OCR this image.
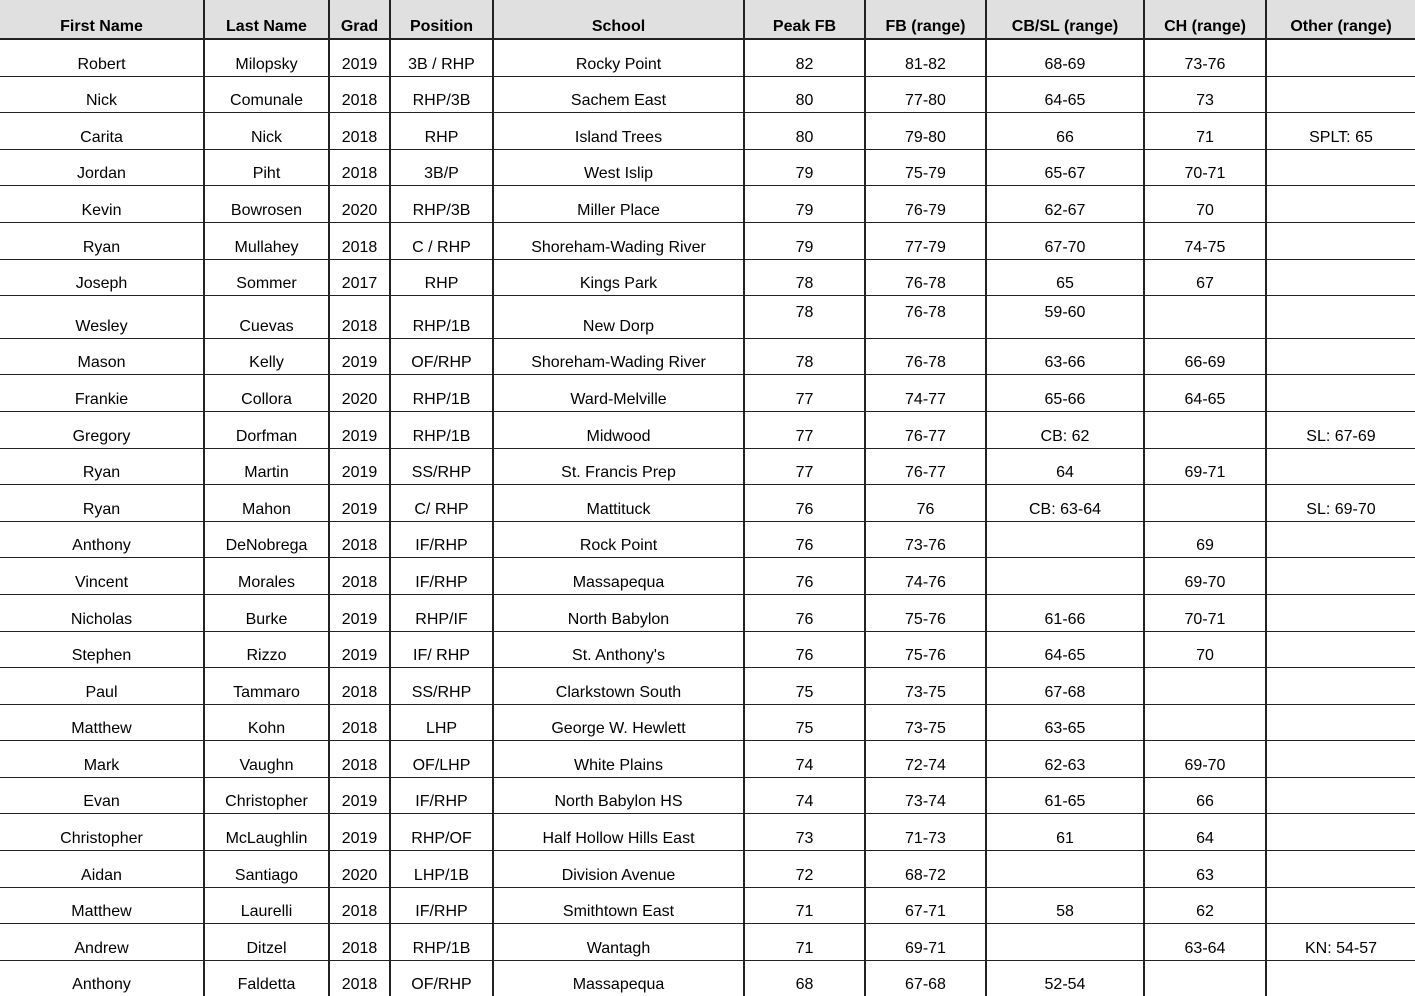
First Name	Last Name	Grad	Position	School	Peak FB	FB (range)	CB/SL (range)	CH (range)	Other (range)
Robert	Milopsky	2019	3B / RHP	Rocky Point	82	81-82	68-69	73-76	
Nick	Comunale	2018	RHP/3B	Sachem East	80	77-80	64-65	73	
Carita	Nick	2018	RHP	Island Trees	80	79-80	66	71	SPLT: 65
Jordan	Piht	2018	3B/P	West Islip	79	75-79	65-67	70-71	
Kevin	Bowrosen	2020	RHP/3B	Miller Place	79	76-79	62-67	70	
Ryan	Mullahey	2018	C / RHP	Shoreham-Wading River	79	77-79	67-70	74-75	
Joseph	Sommer	2017	RHP	Kings Park	78	76-78	65	67	
Wesley	Cuevas	2018	RHP/1B	New Dorp	78	76-78	59-60		
Mason	Kelly	2019	OF/RHP	Shoreham-Wading River	78	76-78	63-66	66-69	
Frankie	Collora	2020	RHP/1B	Ward-Melville	77	74-77	65-66	64-65	
Gregory	Dorfman	2019	RHP/1B	Midwood	77	76-77	CB: 62		SL: 67-69
Ryan	Martin	2019	SS/RHP	St. Francis Prep	77	76-77	64	69-71	
Ryan	Mahon	2019	C/ RHP	Mattituck	76	76	CB: 63-64		SL: 69-70
Anthony	DeNobrega	2018	IF/RHP	Rock Point	76	73-76		69	
Vincent	Morales	2018	IF/RHP	Massapequa	76	74-76		69-70	
Nicholas	Burke	2019	RHP/IF	North Babylon	76	75-76	61-66	70-71	
Stephen	Rizzo	2019	IF/ RHP	St. Anthony's	76	75-76	64-65	70	
Paul	Tammaro	2018	SS/RHP	Clarkstown South	75	73-75	67-68		
Matthew	Kohn	2018	LHP	George W. Hewlett	75	73-75	63-65		
Mark	Vaughn	2018	OF/LHP	White Plains	74	72-74	62-63	69-70	
Evan	Christopher	2019	IF/RHP	North Babylon HS	74	73-74	61-65	66	
Christopher	McLaughlin	2019	RHP/OF	Half Hollow Hills East	73	71-73	61	64	
Aidan	Santiago	2020	LHP/1B	Division Avenue	72	68-72		63	
Matthew	Laurelli	2018	IF/RHP	Smithtown East	71	67-71	58	62	
Andrew	Ditzel	2018	RHP/1B	Wantagh	71	69-71		63-64	KN: 54-57
Anthony	Faldetta	2018	OF/RHP	Massapequa	68	67-68	52-54		
